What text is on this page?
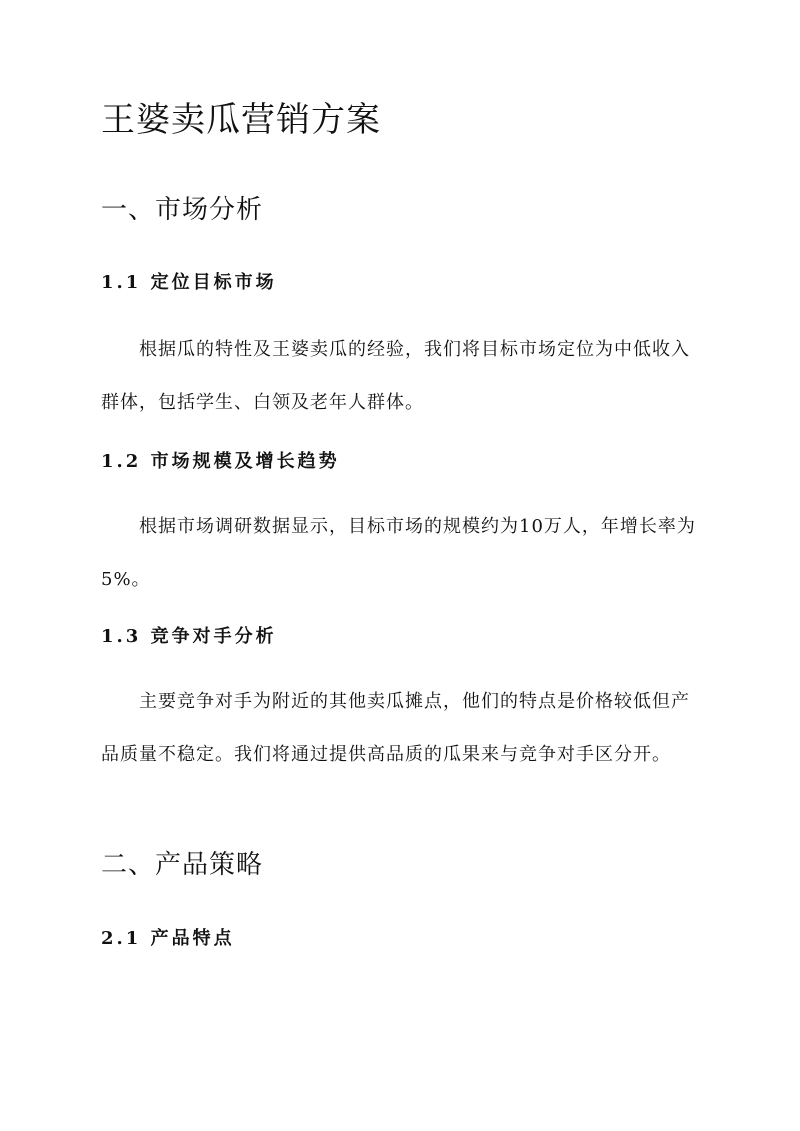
王婆卖瓜营销方案
一、市场分析
1.1 定位目标市场

根据瓜的特性及王婆卖瓜的经验，我们将目标市场定位为中低收入群体，包括学生、白领及老年人群体。

1.2 市场规模及增长趋势

根据市场调研数据显示，目标市场的规模约为10万人，年增长率为5%。

1.3 竞争对手分析

主要竞争对手为附近的其他卖瓜摊点，他们的特点是价格较低但产品质量不稳定。我们将通过提供高品质的瓜果来与竞争对手区分开。

二、产品策略
2.1 产品特点
